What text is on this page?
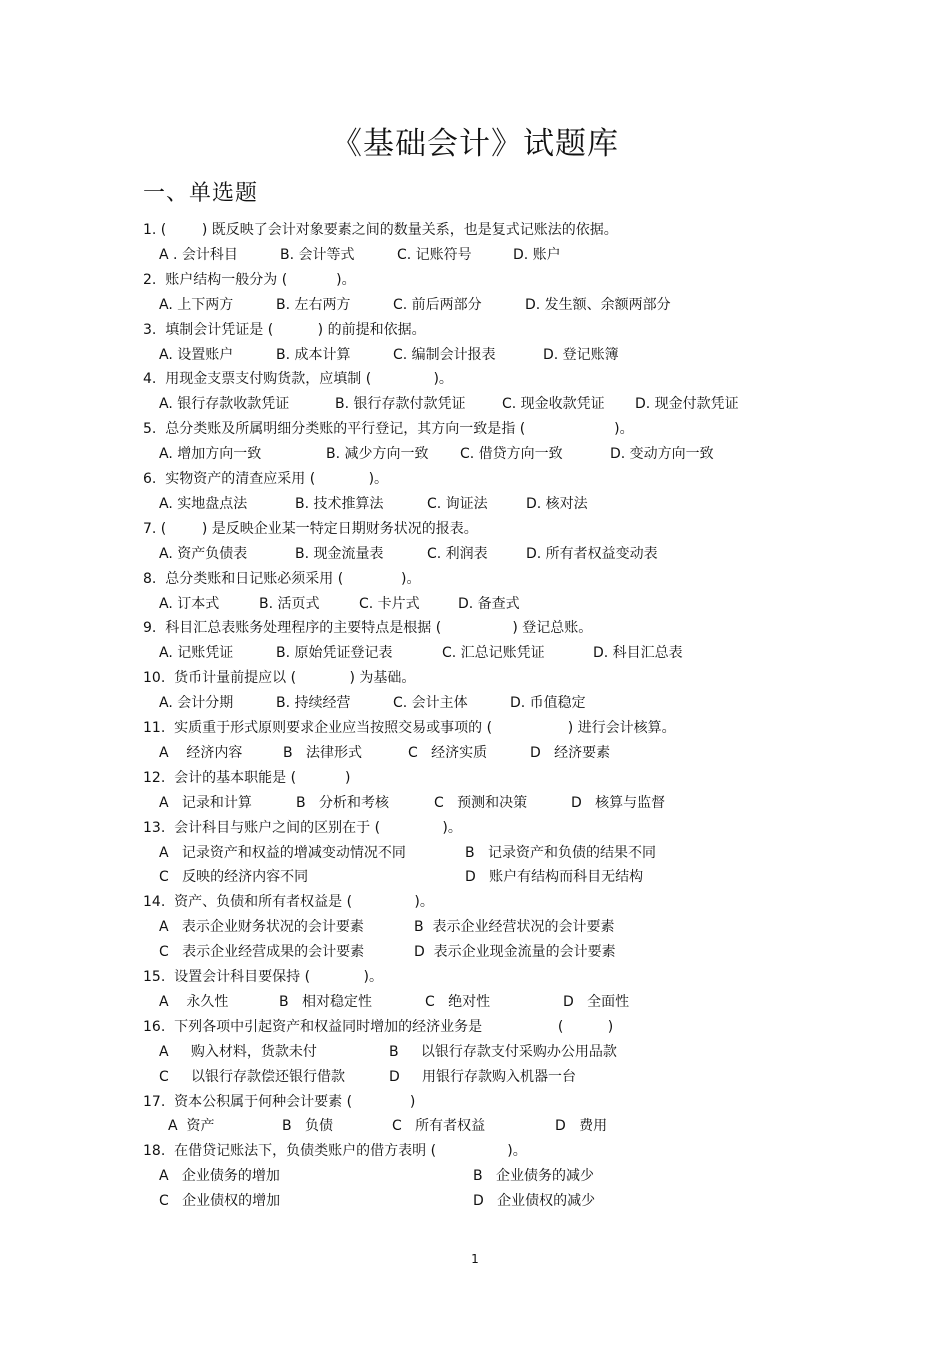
《基础会计》试题库
一、单选题
1. (        ) 既反映了会计对象要素之间的数量关系，也是复式记账法的依据。
A . 会计科目	B. 会计等式	C. 记账符号	D. 账户
2.  账户结构一般分为 (           )。
A. 上下两方	B. 左右两方	C. 前后两部分	D. 发生额、余额两部分
3.  填制会计凭证是 (          ) 的前提和依据。
A. 设置账户	B. 成本计算	C. 编制会计报表	D. 登记账簿
4.  用现金支票支付购货款，应填制 (              )。
A. 银行存款收款凭证	B. 银行存款付款凭证	C. 现金收款凭证 D. 现金付款凭证
5.  总分类账及所属明细分类账的平行登记，其方向一致是指 (                    )。
A. 增加方向一致	B. 减少方向一致 C. 借贷方向一致	D. 变动方向一致
6.  实物资产的清查应采用 (            )。
A. 实地盘点法	B. 技术推算法	C. 询证法	D. 核对法
7. (        ) 是反映企业某一特定日期财务状况的报表。
A. 资产负债表	B. 现金流量表	C. 利润表	D. 所有者权益变动表
8.  总分类账和日记账必须采用 (             )。
A. 订本式	B. 活页式	C. 卡片式	D. 备查式
9.  科目汇总表账务处理程序的主要特点是根据 (                ) 登记总账。
A. 记账凭证	B. 原始凭证登记表	C. 汇总记账凭证	D. 科目汇总表
10.  货币计量前提应以 (            ) 为基础。
A. 会计分期	B. 持续经营	C. 会计主体	D. 币值稳定
11.  实质重于形式原则要求企业应当按照交易或事项的 (                 ) 进行会计核算。
A    经济内容	B   法律形式	C   经济实质	D   经济要素
12.  会计的基本职能是 (           )
A   记录和计算	B   分析和考核	C   预测和决策	D   核算与监督
13.  会计科目与账户之间的区别在于 (              )。
A   记录资产和权益的增减变动情况不同	B   记录资产和负债的结果不同
C   反映的经济内容不同	D   账户有结构而科目无结构
14.  资产、负债和所有者权益是 (              )。
A   表示企业财务状况的会计要素	B  表示企业经营状况的会计要素
C   表示企业经营成果的会计要素	D  表示企业现金流量的会计要素
15.  设置会计科目要保持 (            )。
A    永久性	B   相对稳定性	C   绝对性	D   全面性
16.  下列各项中引起资产和权益同时增加的经济业务是                 (          )
A     购入材料，货款未付	B     以银行存款支付采购办公用品款
C     以银行存款偿还银行借款	D     用银行存款购入机器一台
17.  资本公积属于何种会计要素 (             )
A  资产	B   负债	C   所有者权益	D   费用
18.  在借贷记账法下，负债类账户的借方表明 (                )。
A   企业债务的增加	B   企业债务的减少
C   企业债权的增加	D   企业债权的减少
1
